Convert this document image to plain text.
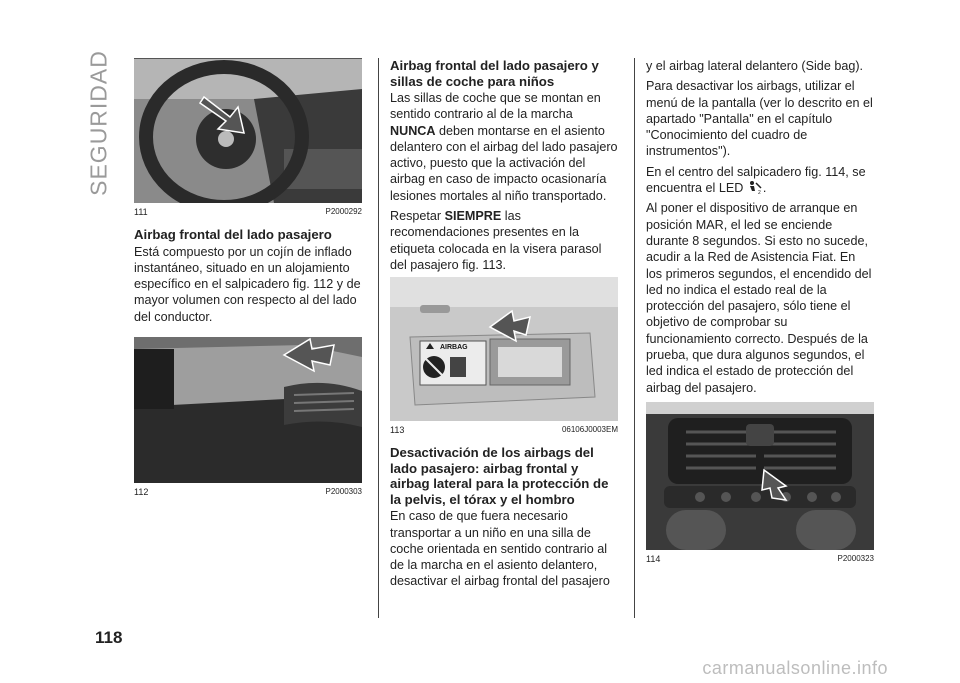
SEGURIDAD
118
111	P2000292
Airbag frontal del lado pasajero

Está compuesto por un cojín de inflado instantáneo, situado en un alojamiento específico en el salpicadero fig. 112 y de mayor volumen con respecto al del lado del conductor.

112	P2000303
Airbag frontal del lado pasajero y sillas de coche para niños

Las sillas de coche que se montan en sentido contrario al de la marcha NUNCA deben montarse en el asiento delantero con el airbag del lado pasajero activo, puesto que la activación del airbag en caso de impacto ocasionaría lesiones mortales al niño transportado.

Respetar SIEMPRE las recomendaciones presentes en la etiqueta colocada en la visera parasol del pasajero fig. 113.

AIRBAG
113	06106J0003EM
Desactivación de los airbags del lado pasajero: airbag frontal y airbag lateral para la protección de la pelvis, el tórax y el hombro

En caso de que fuera necesario transportar a un niño en una silla de coche orientada en sentido contrario al de la marcha en el asiento delantero, desactivar el airbag frontal del pasajero

y el airbag lateral delantero (Side bag).

Para desactivar los airbags, utilizar el menú de la pantalla (ver lo descrito en el apartado "Pantalla" en el capítulo "Conocimiento del cuadro de instrumentos").

En el centro del salpicadero fig. 114, se encuentra el LED	2 .

Al poner el dispositivo de arranque en posición MAR, el led se enciende durante 8 segundos. Si esto no sucede, acudir a la Red de Asistencia Fiat. En los primeros segundos, el encendido del led no indica el estado real de la protección del pasajero, sólo tiene el objetivo de comprobar su funcionamiento correcto. Después de la prueba, que dura algunos segundos, el led indica el estado de protección del airbag del pasajero.

114	P2000323
carmanualsonline.info
